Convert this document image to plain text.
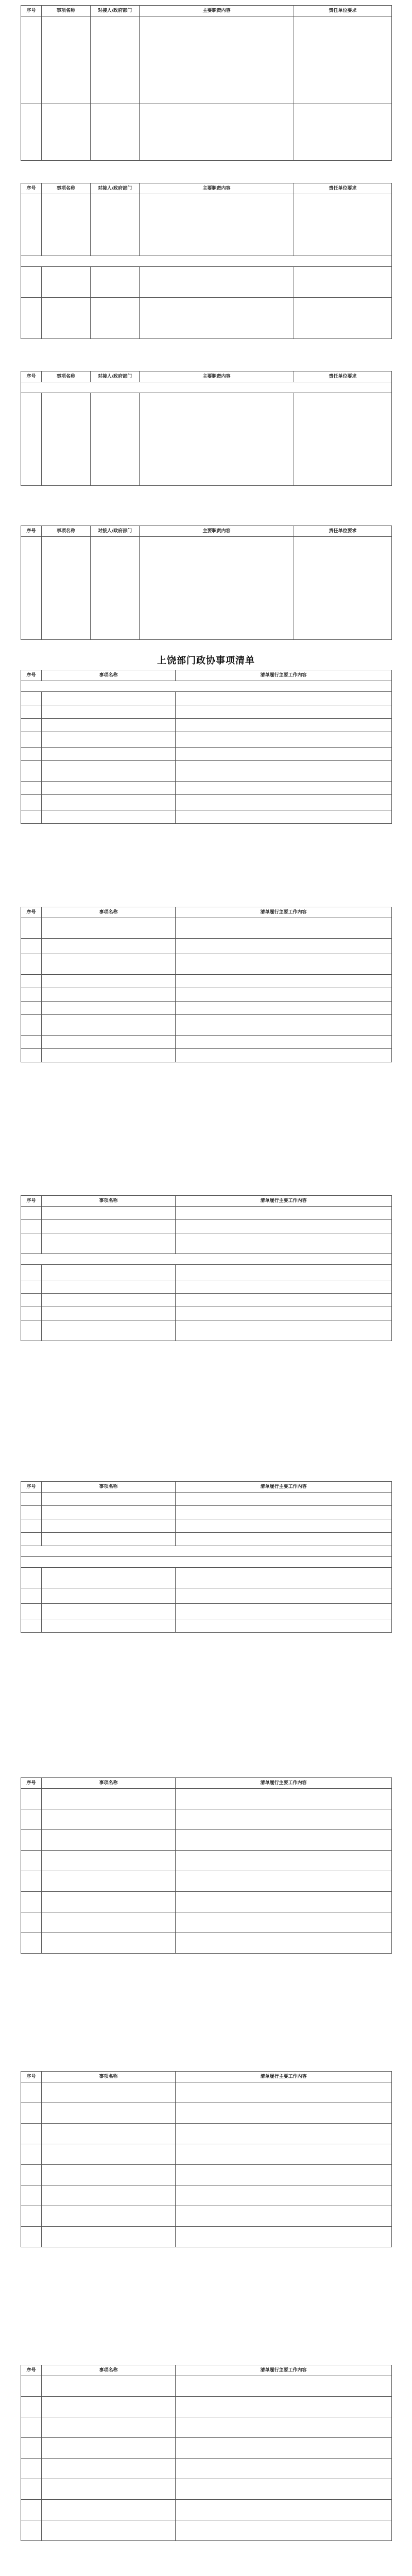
序号	事项名称	对接人/政府部门	主要职责内容	责任单位要求

序号	事项名称	对接人/政府部门	主要职责内容	责任单位要求

序号	事项名称	对接人/政府部门	主要职责内容	责任单位要求

序号	事项名称	对接人/政府部门	主要职责内容	责任单位要求

上饶部门政协事项清单
序号	事项名称	清单履行主要工作内容

序号	事项名称	清单履行主要工作内容

序号	事项名称	清单履行主要工作内容

序号	事项名称	清单履行主要工作内容

序号	事项名称	清单履行主要工作内容

序号	事项名称	清单履行主要工作内容

序号	事项名称	清单履行主要工作内容
